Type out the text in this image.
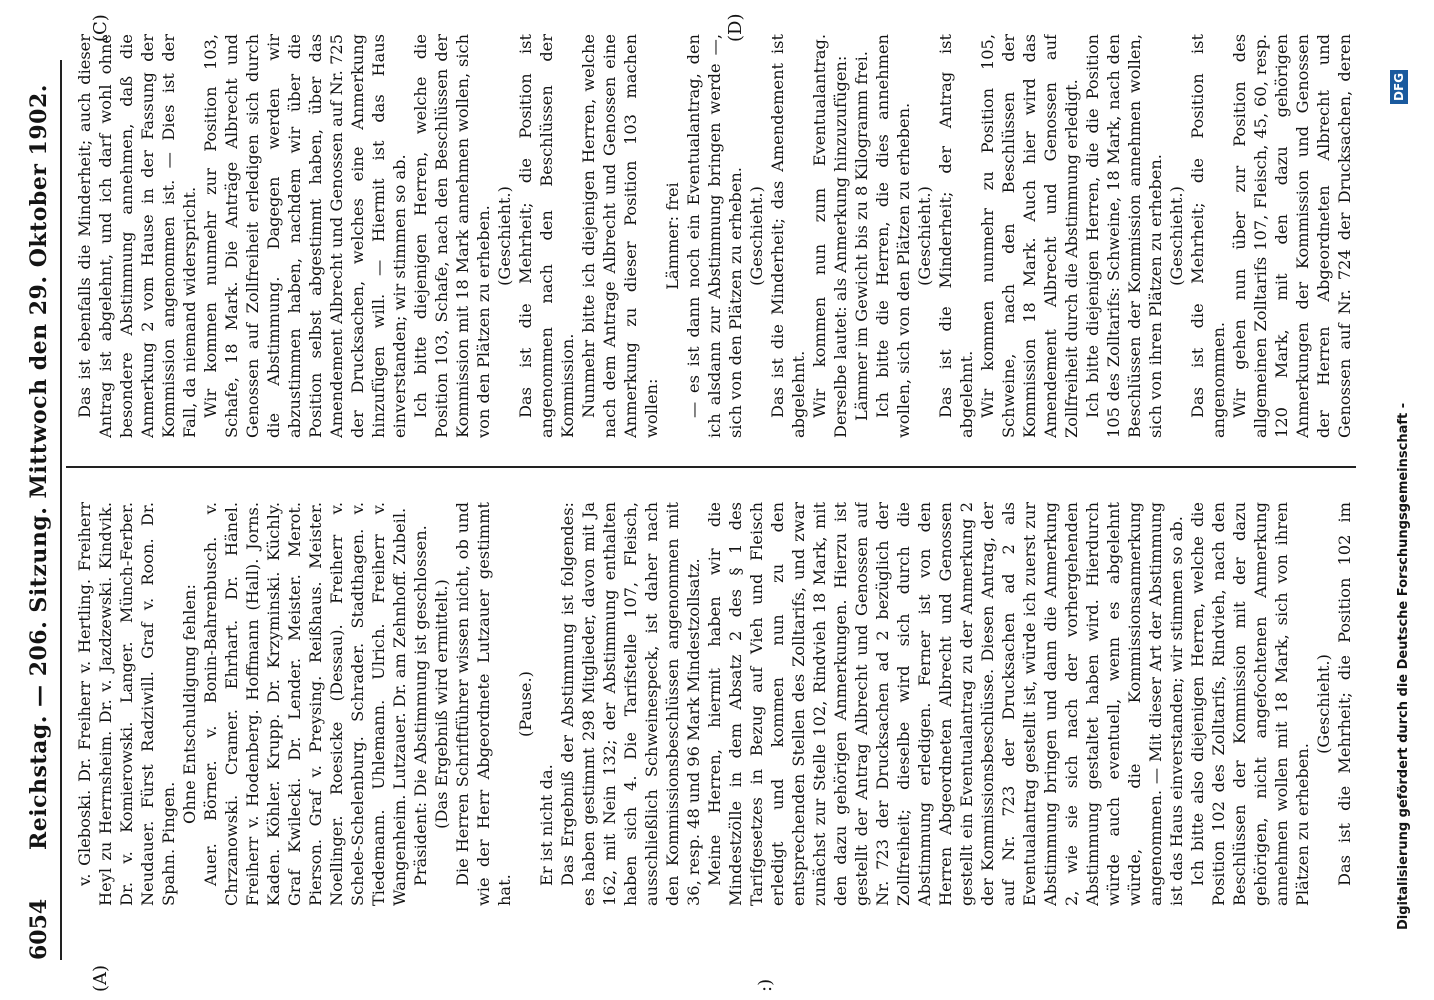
6054
Reichstag. — 206. Sitzung. Mittwoch den 29. Oktober 1902.
(A)	:)
(C)	(D)

v. Gleboski. Dr. Freiherr v. Hertling. Freiherr Heyl zu Herrnsheim. Dr. v. Jazdzewski. Kindvik. Dr. v. Komierowski. Langer. Münch-Ferber. Neudauer. Fürst Radziwill. Graf v. Roon. Dr. Spahn. Pingen.

Ohne Entschuldigung fehlen: Auer. Börner. v. Bonin-Bahrenbusch. v. Chrzanowski. Cramer. Ehrhart. Dr. Hänel. Freiherr v. Hodenberg. Hoffmann (Hall). Jorns. Kaden. Köhler. Krupp. Dr. Krzyminski. Küchly. Graf Kwilecki. Dr. Lender. Meister. Merot. Pierson. Graf v. Preysing. Reißhaus. Meister. Noellinger. Roesicke (Dessau). Freiherr v. Schele-Schelenburg. Schrader. Stadthagen. v. Tiedemann. Uhlemann. Ulrich. Freiherr v. Wangenheim. Lutzauer. Dr. am Zehnhoff. Zubeil. Präsident: Die Abstimmung ist geschlossen. (Das Ergebniß wird ermittelt.) Die Herren Schriftführer wissen nicht, ob und wie der Herr Abgeordnete Lutzauer gestimmt hat.

(Pause.)

Er ist nicht da. Das Ergebniß der Abstimmung ist folgendes: es haben gestimmt 298 Mitglieder, davon mit Ja 162, mit Nein 132; der Abstimmung enthalten haben sich 4. Die Tarifstelle 107, Fleisch, ausschließlich Schweinespeck, ist daher nach den Kommissionsbeschlüssen angenommen mit 36, resp. 48 und 96 Mark Mindestzollsatz. Meine Herren, hiermit haben wir die Mindestzölle in dem Absatz 2 des § 1 des Tarifgesetzes in Bezug auf Vieh und Fleisch erledigt und kommen nun zu den entsprechenden Stellen des Zolltarifs, und zwar zunächst zur Stelle 102, Rindvieh 18 Mark, mit den dazu gehörigen Anmerkungen. Hierzu ist gestellt der Antrag Albrecht und Genossen auf Nr. 723 der Drucksachen ad 2 bezüglich der Zollfreiheit; dieselbe wird sich durch die Abstimmung erledigen. Ferner ist von den Herren Abgeordneten Albrecht und Genossen gestellt ein Eventualantrag zu der Anmerkung 2 der Kommissionsbeschlüsse. Diesen Antrag, der auf Nr. 723 der Drucksachen ad 2 als Eventualantrag gestellt ist, würde ich zuerst zur Abstimmung bringen und dann die Anmerkung 2, wie sie sich nach der vorhergehenden Abstimmung gestaltet haben wird. Hierdurch würde auch eventuell, wenn es abgelehnt würde, die Kommissionsanmerkung angenommen. — Mit dieser Art der Abstimmung ist das Haus einverstanden; wir stimmen so ab. Ich bitte also diejenigen Herren, welche die Position 102 des Zolltarifs, Rindvieh, nach den Beschlüssen der Kommission mit der dazu gehörigen, nicht angefochtenen Anmerkung annehmen wollen mit 18 Mark, sich von ihren Plätzen zu erheben.

(Geschieht.)

Das ist die Mehrheit; die Position 102 im

Das ist ebenfalls die Minderheit; auch dieser Antrag ist abgelehnt, und ich darf wohl ohne besondere Abstimmung annehmen, daß die Anmerkung 2 vom Hause in der Fassung der Kommission angenommen ist. — Dies ist der Fall, da niemand widerspricht. Wir kommen nunmehr zur Position 103, Schafe, 18 Mark. Die Anträge Albrecht und Genossen auf Zollfreiheit erledigen sich durch die Abstimmung. Dagegen werden wir abzustimmen haben, nachdem wir über die Position selbst abgestimmt haben, über das Amendement Albrecht und Genossen auf Nr. 725 der Drucksachen, welches eine Anmerkung hinzufügen will. — Hiermit ist das Haus einverstanden; wir stimmen so ab. Ich bitte diejenigen Herren, welche die Position 103, Schafe, nach den Beschlüssen der Kommission mit 18 Mark annehmen wollen, sich von den Plätzen zu erheben. (Geschieht.) Das ist die Mehrheit; die Position ist angenommen nach den Beschlüssen der Kommission. Nunmehr bitte ich diejenigen Herren, welche nach dem Antrage Albrecht und Genossen eine Anmerkung zu dieser Position 103 machen wollen:

Lämmer: frei — es ist dann noch ein Eventualantrag, den ich alsdann zur Abstimmung bringen werde —, sich von den Plätzen zu erheben. (Geschieht.) Das ist die Minderheit; das Amendement ist abgelehnt. Wir kommen nun zum Eventualantrag. Derselbe lautet: als Anmerkung hinzuzufügen: Lämmer im Gewicht bis zu 8 Kilogramm frei. Ich bitte die Herren, die dies annehmen wollen, sich von den Plätzen zu erheben. (Geschieht.) Das ist die Minderheit; der Antrag ist abgelehnt. Wir kommen nunmehr zu Position 105, Schweine, nach den Beschlüssen der Kommission 18 Mark. Auch hier wird das Amendement Albrecht und Genossen auf Zollfreiheit durch die Abstimmung erledigt. Ich bitte diejenigen Herren, die die Position 105 des Zolltarifs: Schweine, 18 Mark, nach den Beschlüssen der Kommission annehmen wollen, sich von ihren Plätzen zu erheben. (Geschieht.) Das ist die Mehrheit; die Position ist angenommen. Wir gehen nun über zur Position des allgemeinen Zolltarifs 107, Fleisch, 45, 60, resp. 120 Mark, mit den dazu gehörigen Anmerkungen der Kommission und Genossen der Herren Abgeordneten Albrecht und Genossen auf Nr. 724 der Drucksachen, deren

Digitalisierung gefördert durch die Deutsche Forschungsgemeinschaft -
DFG
